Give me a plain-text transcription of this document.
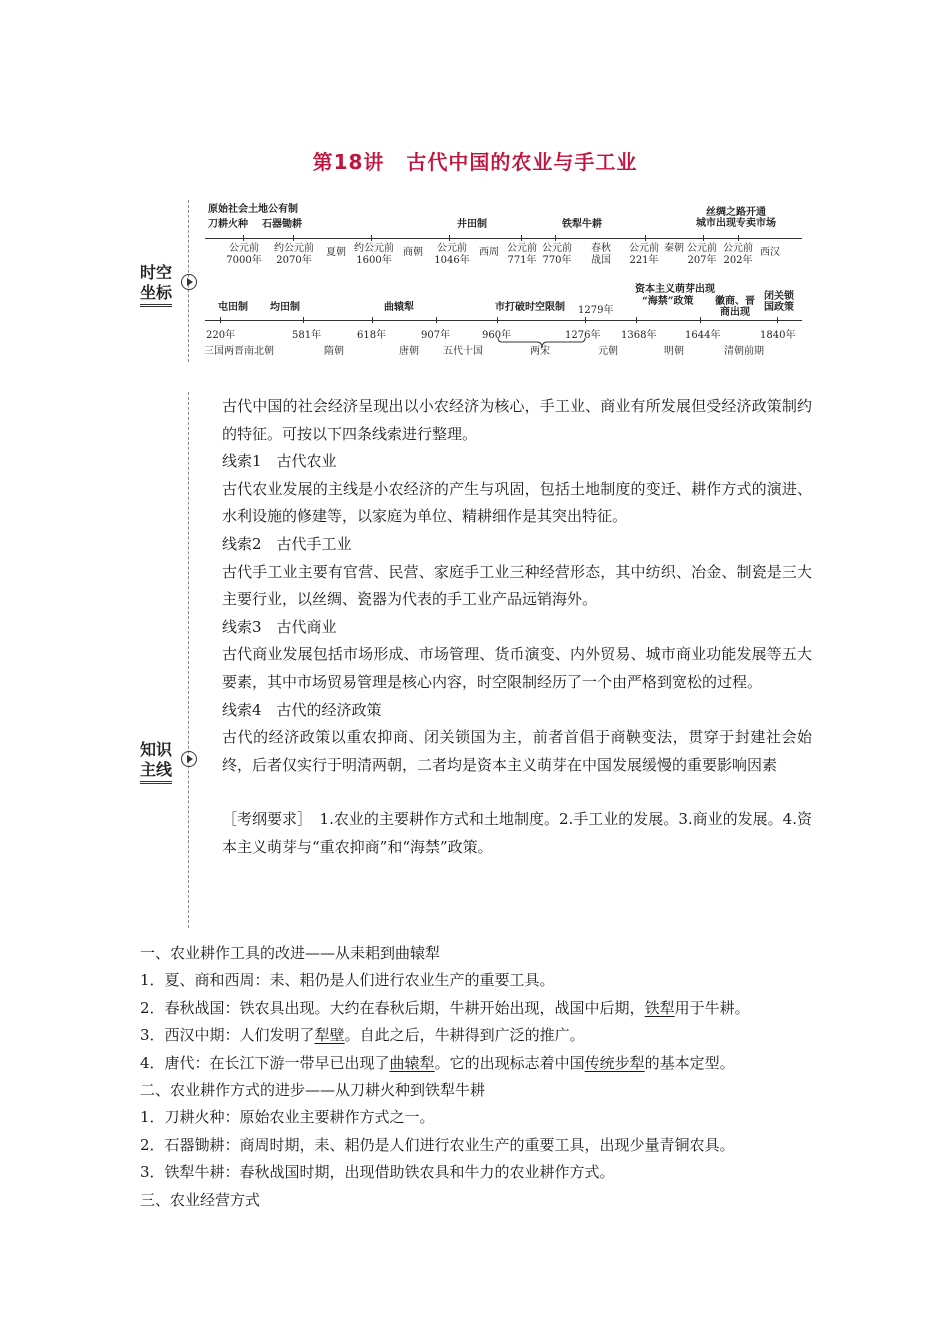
第18讲 古代中国的农业与手工业
时空
坐标
原始社会土地公有制
刀耕火种 石器锄耕	井田制	铁犁牛耕
丝绸之路开通
城市出现专卖市场
公元前
7000年
约公元前
2070年
夏朝 约公元前
1600年
商朝	公元前
1046年
西周 公元前
771年
公元前
770年
春秋
战国
公元前
221年
秦朝 公元前
207年
公元前
202年
西汉
屯田制 均田制	曲辕犁	市打破时空限制 1279年
资本主义萌芽出现
“海禁”政策 徽商、晋
商出现
闭关锁
国政策
220年	581年	618年	907年	960年	1276年 1368年	1644年	1840年
三国两晋南北朝	隋朝	唐朝 五代十国	两宋	元朝	明朝	清朝前期
知识
主线

古代中国的社会经济呈现出以小农经济为核心，手工业、商业有所发展但受经济政策制约的特征。可按以下四条线索进行整理。

线索1　古代农业

古代农业发展的主线是小农经济的产生与巩固，包括土地制度的变迁、耕作方式的演进、水利设施的修建等，以家庭为单位、精耕细作是其突出特征。

线索2　古代手工业

古代手工业主要有官营、民营、家庭手工业三种经营形态，其中纺织、冶金、制瓷是三大主要行业，以丝绸、瓷器为代表的手工业产品远销海外。

线索3　古代商业

古代商业发展包括市场形成、市场管理、货币演变、内外贸易、城市商业功能发展等五大要素，其中市场贸易管理是核心内容，时空限制经历了一个由严格到宽松的过程。

线索4　古代的经济政策

古代的经济政策以重农抑商、闭关锁国为主，前者首倡于商鞅变法，贯穿于封建社会始终，后者仅实行于明清两朝，二者均是资本主义萌芽在中国发展缓慢的重要影响因素

［考纲要求］　1.农业的主要耕作方式和土地制度。2.手工业的发展。3.商业的发展。4.资本主义萌芽与“重农抑商”和“海禁”政策。

一、农业耕作工具的改进——从耒耜到曲辕犁

1．夏、商和西周：耒、耜仍是人们进行农业生产的重要工具。

2．春秋战国：铁农具出现。大约在春秋后期，牛耕开始出现，战国中后期，铁犁用于牛耕。

3．西汉中期：人们发明了犁壁。自此之后，牛耕得到广泛的推广。

4．唐代：在长江下游一带早已出现了曲辕犁。它的出现标志着中国传统步犁的基本定型。

二、农业耕作方式的进步——从刀耕火种到铁犁牛耕

1．刀耕火种：原始农业主要耕作方式之一。

2．石器锄耕：商周时期，耒、耜仍是人们进行农业生产的重要工具，出现少量青铜农具。

3．铁犁牛耕：春秋战国时期，出现借助铁农具和牛力的农业耕作方式。

三、农业经营方式
